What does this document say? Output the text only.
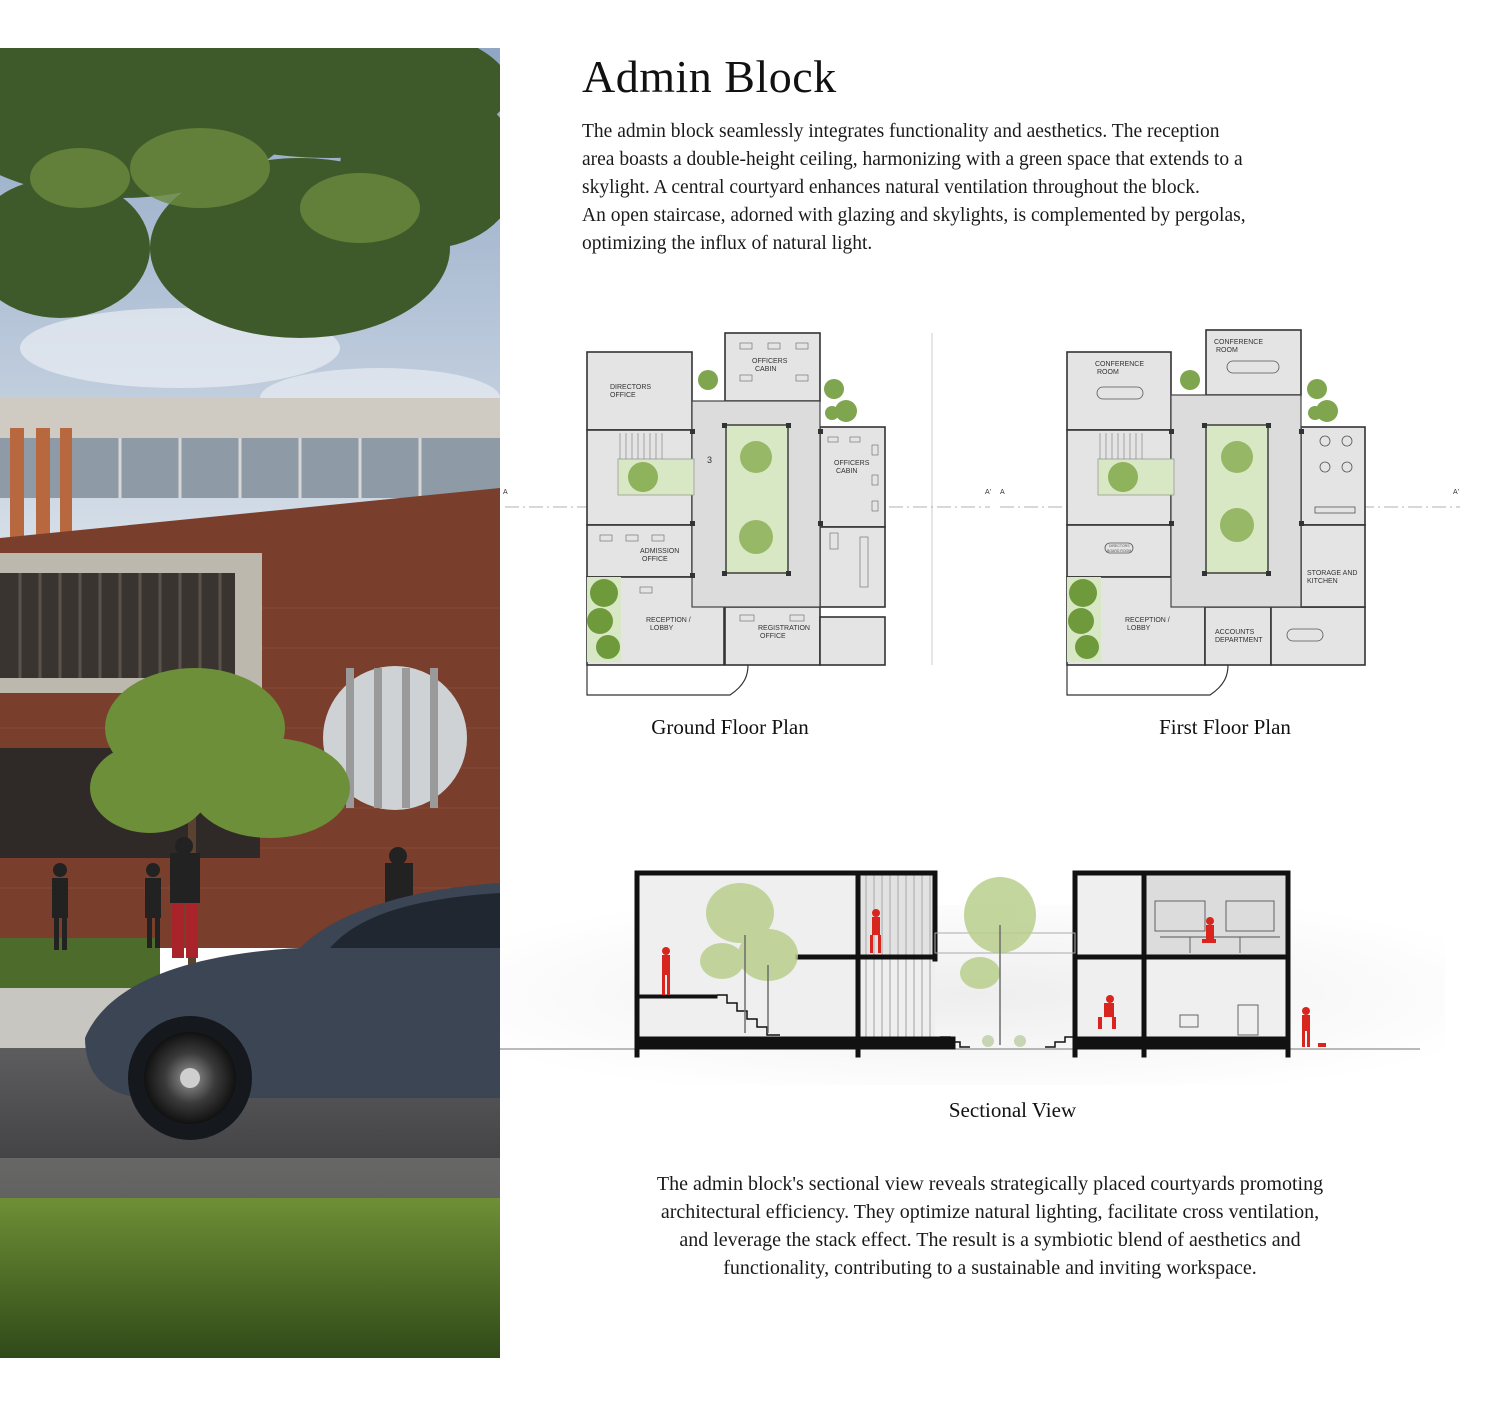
Admin Block

The admin block seamlessly integrates functionality and aesthetics. The reception

area boasts a double-height ceiling, harmonizing with a green space that extends to a

skylight. A central courtyard enhances natural ventilation throughout the block.

An open staircase, adorned with glazing and skylights, is complemented by pergolas,

optimizing the influx of natural light.

A	A'
3
DIRECTORS
OFFICE
OFFICERS
CABIN
OFFICERS
CABIN
ADMISSION
OFFICE
RECEPTION /
LOBBY	REGISTRATION
OFFICE
Ground Floor Plan
A	A'
CONFERENCE
ROOM
CONFERENCE
ROOM
STORAGE AND
KITCHEN
RECEPTION /
LOBBY
ACCOUNTS
DEPARTMENT
DIRECTORS
BOARD ROOM
First Floor Plan
Sectional View

The admin block's sectional view reveals strategically placed courtyards promoting

architectural efficiency. They optimize natural lighting, facilitate cross ventilation,

and leverage the stack effect. The result is a symbiotic blend of aesthetics and

functionality, contributing to a sustainable and inviting workspace.
